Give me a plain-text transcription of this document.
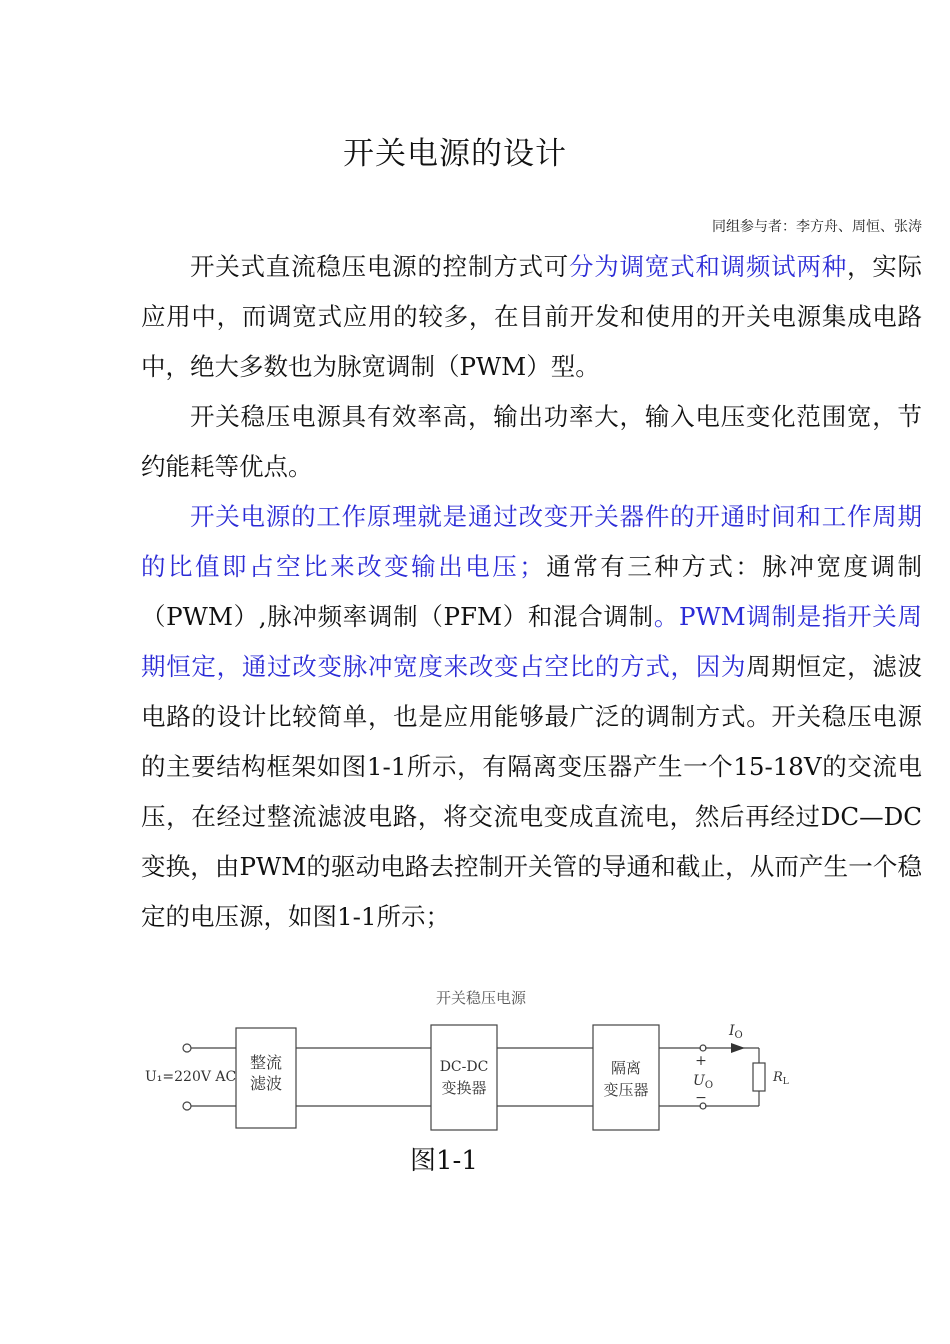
开关电源的设计
同组参与者：李方舟、周恒、张涛

开关式直流稳压电源的控制方式可分为调宽式和调频试两种，实际应用中，而调宽式应用的较多，在目前开发和使用的开关电源集成电路中，绝大多数也为脉宽调制（PWM）型。

开关稳压电源具有效率高，输出功率大，输入电压变化范围宽，节约能耗等优点。

开关电源的工作原理就是通过改变开关器件的开通时间和工作周期的比值即占空比来改变输出电压；通常有三种方式：脉冲宽度调制（PWM）,脉冲频率调制（PFM）和混合调制。PWM调制是指开关周期恒定，通过改变脉冲宽度来改变占空比的方式，因为周期恒定，滤波电路的设计比较简单，也是应用能够最广泛的调制方式。开关稳压电源的主要结构框架如图1-1所示，有隔离变压器产生一个15-18V的交流电压，在经过整流滤波电路，将交流电变成直流电，然后再经过DC—DC变换，由PWM的驱动电路去控制开关管的导通和截止，从而产生一个稳定的电压源，如图1-1所示；

开关稳压电源
U₁=220V AC
整流
滤波
DC-DC
变换器
隔离
变压器
+
−
$U_O$
$I_O$
$R_L$
图1-1
